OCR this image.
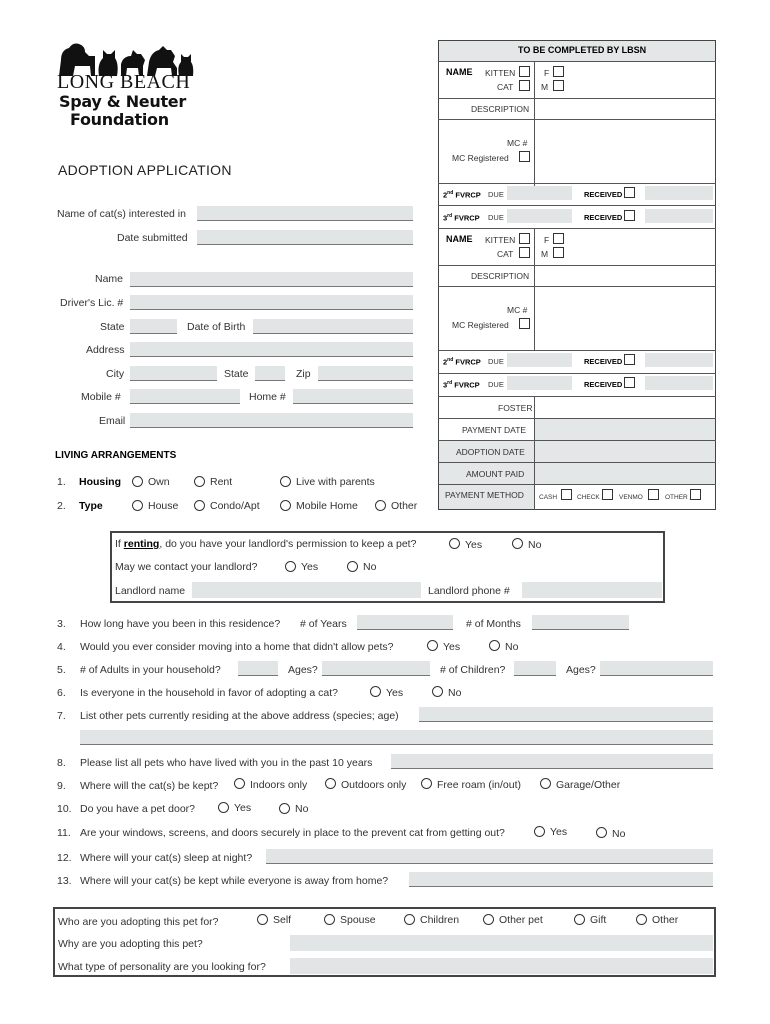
LONG BEACH
Spay & Neuter
Foundation
ADOPTION APPLICATION
Name of cat(s) interested in
Date submitted
Name
Driver's Lic. #
State	Date of Birth
Address
City	State	Zip
Mobile #	Home #
Email
LIVING ARRANGEMENTS
1. Housing	Own	Rent	Live with parents
2. Type	House	Condo/Apt	Mobile Home	Other
If renting, do you have your landlord's permission to keep a pet?	Yes	No
May we contact your landlord?	Yes	No
Landlord name	Landlord phone #
3. How long have you been in this residence? # of Years	# of Months
4. Would you ever consider moving into a home that didn't allow pets?	Yes	No
5. # of Adults in your household?	Ages?	# of Children?	Ages?
6. Is everyone in the household in favor of adopting a cat?	Yes	No
7. List other pets currently residing at the above address (species; age)
8. Please list all pets who have lived with you in the past 10 years
9. Where will the cat(s) be kept?	Indoors only	Outdoors only	Free roam (in/out)	Garage/Other
10. Do you have a pet door?	Yes	No
11. Are your windows, screens, and doors securely in place to the prevent cat from getting out?	Yes	No
12. Where will your cat(s) sleep at night?
13. Where will your cat(s) be kept while everyone is away from home?
Who are you adopting this pet for?	Self	Spouse	Children	Other pet	Gift	Other
Why are you adopting this pet?
What type of personality are you looking for?
TO BE COMPLETED BY LBSN
NAME KITTEN
CAT
F
M
DESCRIPTION
MC #
MC Registered
2nd FVRCP DUE	RECEIVED
3rd FVRCP DUE	RECEIVED
NAME KITTEN
CAT
F
M
DESCRIPTION
MC #
MC Registered
2nd FVRCP DUE	RECEIVED
3rd FVRCP DUE	RECEIVED
FOSTER
PAYMENT DATE
ADOPTION DATE
AMOUNT PAID
PAYMENT METHOD CASH	CHECK	VENMO	OTHER
